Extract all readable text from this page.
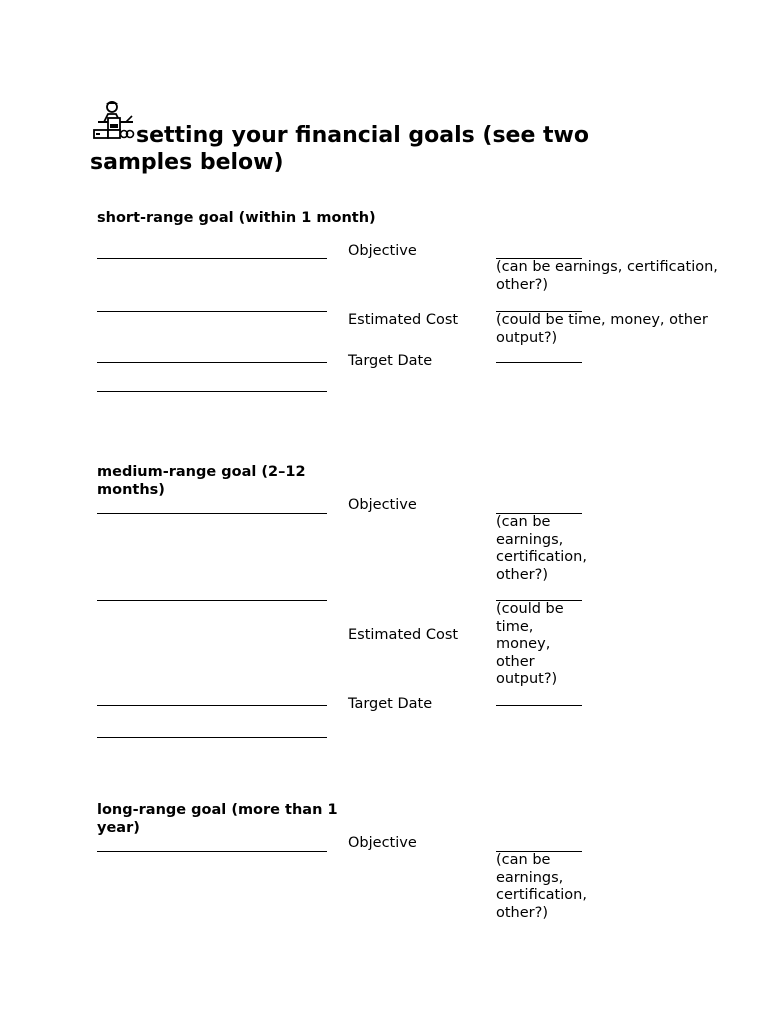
setting your financial goals (see two samples below)
short-range goal (within 1 month)
Objective
(can be earnings, certification, other?)
Estimated Cost	(could be time, money, other output?)
Target Date
medium-range goal (2–12 months)
Objective
(can be earnings, certification, other?)
(could be time, money, other output?)
Estimated Cost
Target Date
long-range goal (more than 1 year)
Objective
(can be earnings, certification, other?)
